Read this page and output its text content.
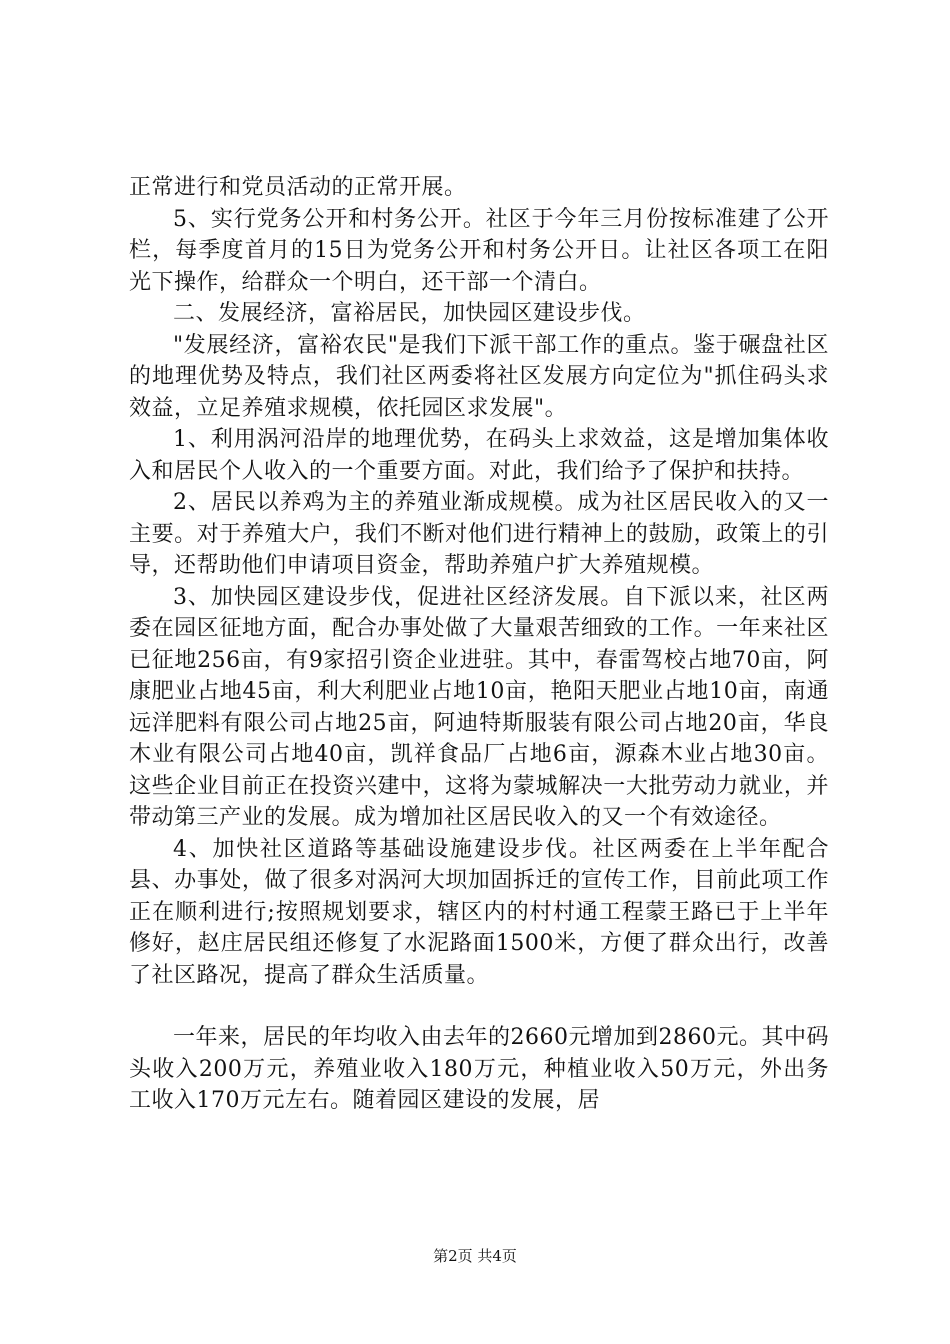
正常进行和党员活动的正常开展。

5、实行党务公开和村务公开。社区于今年三月份按标准建了公开栏，每季度首月的15日为党务公开和村务公开日。让社区各项工在阳光下操作，给群众一个明白，还干部一个清白。

二、发展经济，富裕居民，加快园区建设步伐。

"发展经济，富裕农民"是我们下派干部工作的重点。鉴于碾盘社区的地理优势及特点，我们社区两委将社区发展方向定位为"抓住码头求效益，立足养殖求规模，依托园区求发展"。

1、利用涡河沿岸的地理优势，在码头上求效益，这是增加集体收入和居民个人收入的一个重要方面。对此，我们给予了保护和扶持。

2、居民以养鸡为主的养殖业渐成规模。成为社区居民收入的又一主要。对于养殖大户，我们不断对他们进行精神上的鼓励，政策上的引导，还帮助他们申请项目资金，帮助养殖户扩大养殖规模。

3、加快园区建设步伐，促进社区经济发展。自下派以来，社区两委在园区征地方面，配合办事处做了大量艰苦细致的工作。一年来社区已征地256亩，有9家招引资企业进驻。其中，春雷驾校占地70亩，阿康肥业占地45亩，利大利肥业占地10亩，艳阳天肥业占地10亩，南通远洋肥料有限公司占地25亩，阿迪特斯服装有限公司占地20亩，华良木业有限公司占地40亩，凯祥食品厂占地6亩，源森木业占地30亩。这些企业目前正在投资兴建中，这将为蒙城解决一大批劳动力就业，并带动第三产业的发展。成为增加社区居民收入的又一个有效途径。

4、加快社区道路等基础设施建设步伐。社区两委在上半年配合县、办事处，做了很多对涡河大坝加固拆迁的宣传工作，目前此项工作正在顺利进行;按照规划要求，辖区内的村村通工程蒙王路已于上半年修好，赵庄居民组还修复了水泥路面1500米，方便了群众出行，改善了社区路况，提高了群众生活质量。

一年来，居民的年均收入由去年的2660元增加到2860元。其中码头收入200万元，养殖业收入180万元，种植业收入50万元，外出务工收入170万元左右。随着园区建设的发展，居

第2页 共4页
